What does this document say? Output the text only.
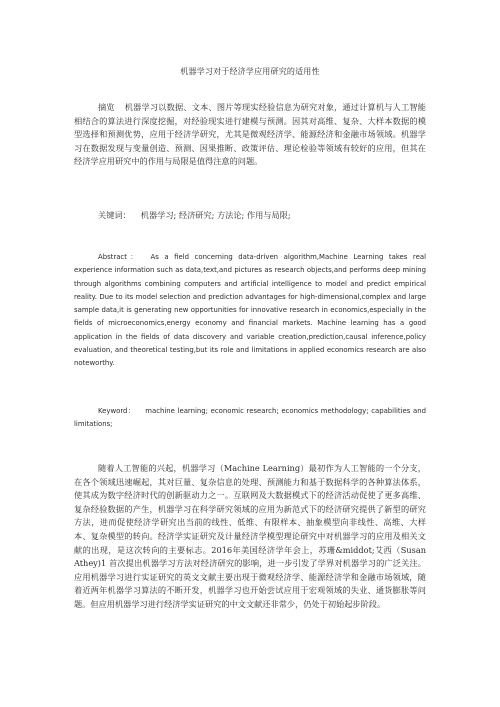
机器学习对于经济学应用研究的适用性

摘览 机器学习以数据、文本、图片等现实经验信息为研究对象，通过计算机与人工智能相结合的算法进行深度挖掘，对经验现实进行建模与预测。因其对高维、复杂、大样本数据的模型选择和预测优势，应用于经济学研究，尤其是微观经济学、能源经济和金融市场领域。机器学习在数据发现与变量创造、预测、因果推断、政策评估、理论检验等领域有较好的应用，但其在经济学应用研究中的作用与局限是值得注意的问题。

关键词： 机器学习; 经济研究; 方法论; 作用与局限;

Abstract： As a field concerning data-driven algorithm,Machine Learning takes real experience information such as data,text,and pictures as research objects,and performs deep mining through algorithms combining computers and artificial intelligence to model and predict empirical reality. Due to its model selection and prediction advantages for high-dimensional,complex and large sample data,it is generating new opportunities for innovative research in economics,especially in the fields of microeconomics,energy economy and financial markets. Machine learning has a good application in the fields of data discovery and variable creation,prediction,causal inference,policy evaluation, and theoretical testing,but its role and limitations in applied economics research are also noteworthy.

Keyword： machine learning; economic research; economics methodology; capabilities and limitations;

随着人工智能的兴起，机器学习（Machine Learning）最初作为人工智能的一个分支，在各个领域迅速崛起，其对巨量、复杂信息的处理、预测能力和基于数据科学的各种算法体系，使其成为数字经济时代的创新驱动力之一。互联网及大数据模式下的经济活动促使了更多高维、复杂经验数据的产生，机器学习在科学研究领域的应用为新范式下的经济研究提供了新型的研究方法，进而促使经济学研究出当前的线性、低维、有限样本、抽象模型向非线性、高维、大样本、复杂模型的转向。经济学实证研究及计量经济学模型理论研究中对机器学习的应用及相关文献的出现，是这次转向的主要标志。2016年美国经济学年会上，苏珊&middot;艾西（Susan Athey)1 首次提出机器学习方法对经济研究的影响，进一步引发了学界对机器学习的广泛关注。应用机器学习进行实证研究的英文文献主要出现于微观经济学、能源经济学和金融市场领域，随着近两年机器学习算法的不断开发，机器学习也开始尝试应用于宏观领域的失业、通货膨胀等问题。但应用机器学习进行经济学实证研究的中文文献还非常少，仍处于初始起步阶段。
